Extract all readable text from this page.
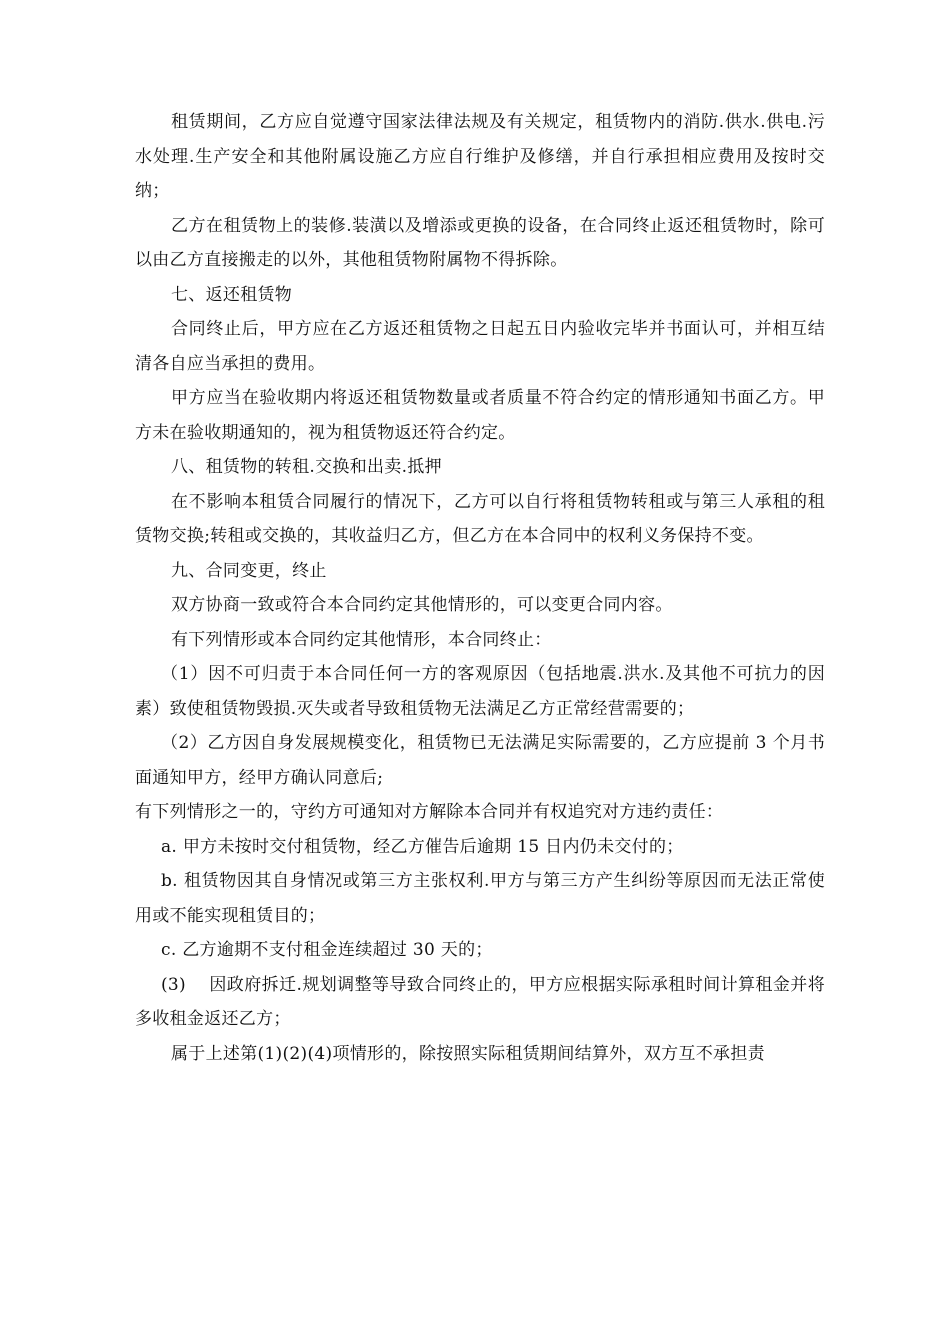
租赁期间，乙方应自觉遵守国家法律法规及有关规定，租赁物内的消防.供水.供电.污水处理.生产安全和其他附属设施乙方应自行维护及修缮，并自行承担相应费用及按时交纳；

乙方在租赁物上的装修.装潢以及增添或更换的设备，在合同终止返还租赁物时，除可以由乙方直接搬走的以外，其他租赁物附属物不得拆除。

七、返还租赁物

合同终止后，甲方应在乙方返还租赁物之日起五日内验收完毕并书面认可，并相互结清各自应当承担的费用。

甲方应当在验收期内将返还租赁物数量或者质量不符合约定的情形通知书面乙方。甲方未在验收期通知的，视为租赁物返还符合约定。

八、租赁物的转租.交换和出卖.抵押

在不影响本租赁合同履行的情况下，乙方可以自行将租赁物转租或与第三人承租的租赁物交换;转租或交换的，其收益归乙方，但乙方在本合同中的权利义务保持不变。

九、合同变更，终止

双方协商一致或符合本合同约定其他情形的，可以变更合同内容。

有下列情形或本合同约定其他情形，本合同终止：

（1）因不可归责于本合同任何一方的客观原因（包括地震.洪水.及其他不可抗力的因素）致使租赁物毁损.灭失或者导致租赁物无法满足乙方正常经营需要的；

（2）乙方因自身发展规模变化，租赁物已无法满足实际需要的，乙方应提前 3 个月书面通知甲方，经甲方确认同意后;

有下列情形之一的，守约方可通知对方解除本合同并有权追究对方违约责任：

a. 甲方未按时交付租赁物，经乙方催告后逾期 15 日内仍未交付的；

b. 租赁物因其自身情况或第三方主张权利.甲方与第三方产生纠纷等原因而无法正常使用或不能实现租赁目的；

c. 乙方逾期不支付租金连续超过 30 天的；

(3)　 因政府拆迁.规划调整等导致合同终止的，甲方应根据实际承租时间计算租金并将多收租金返还乙方；

属于上述第(1)(2)(4)项情形的，除按照实际租赁期间结算外，双方互不承担责
